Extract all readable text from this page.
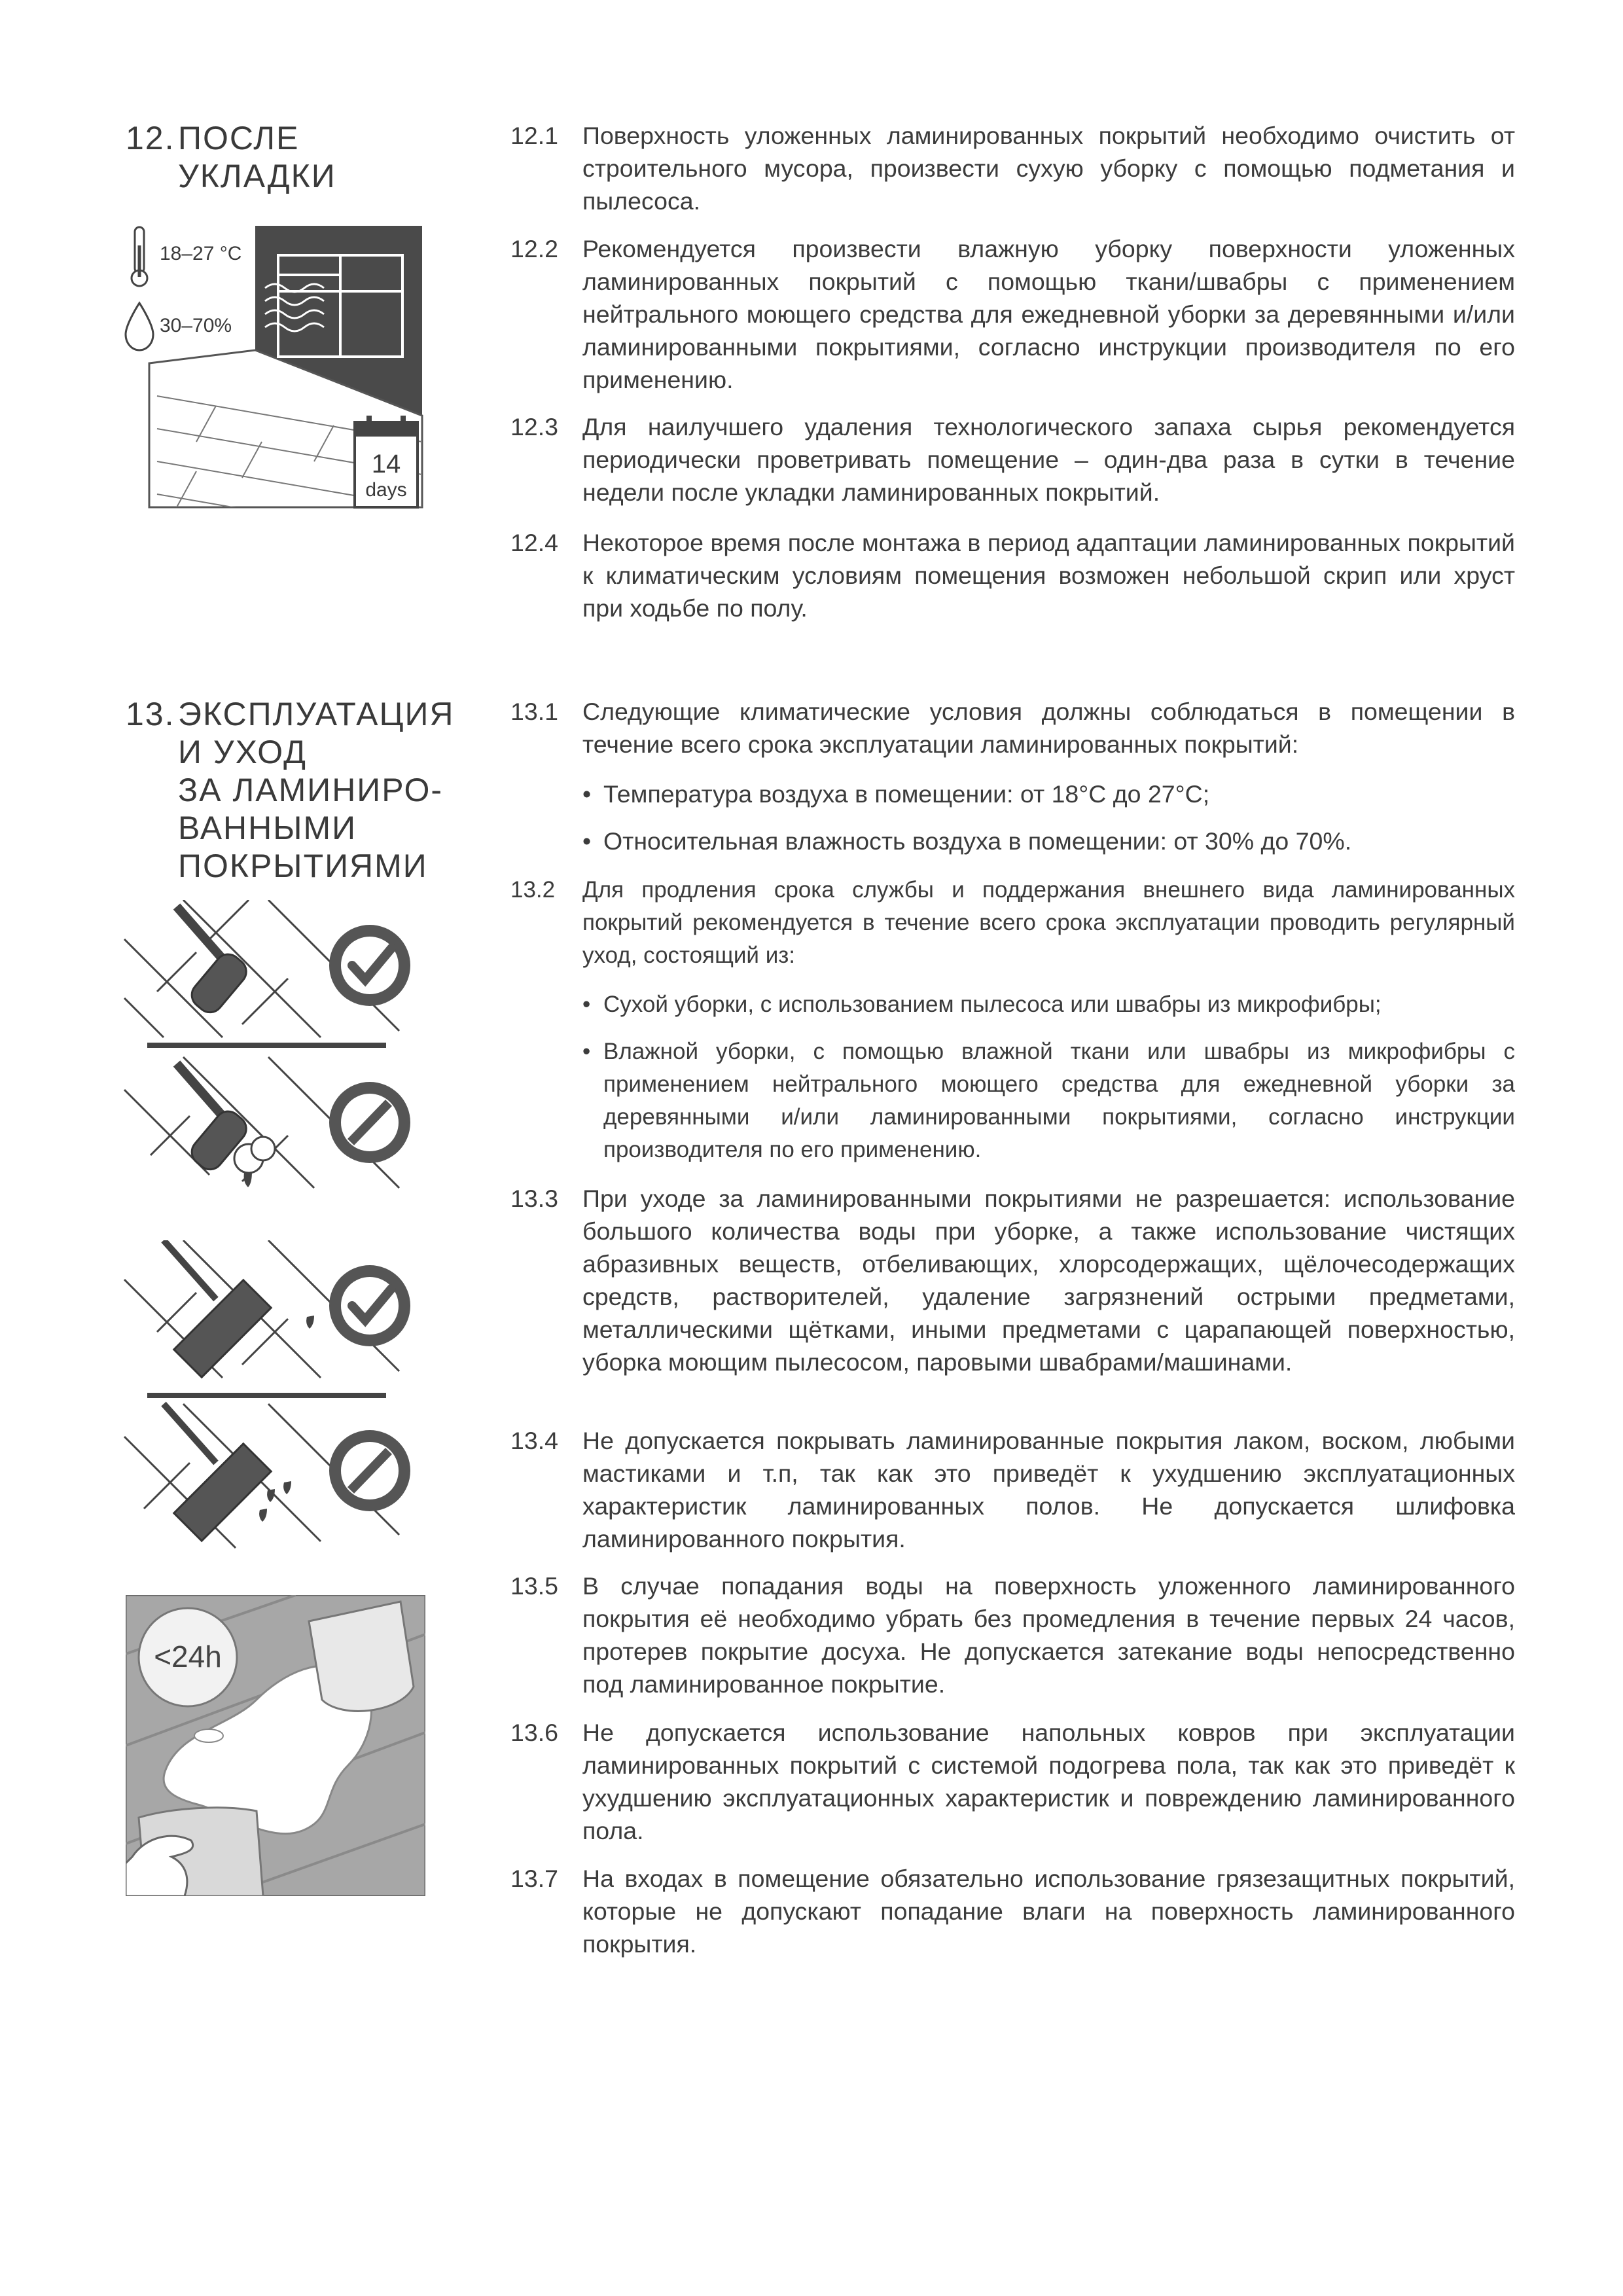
12. ПОСЛЕ
УКЛАДКИ
18–27 °C
30–70%
14
days
12.1 Поверхность уложенных ламинированных покрытий необходимо очистить от строительного мусора, произвести сухую уборку с помощью подметания и пылесоса.
12.2 Рекомендуется произвести влажную уборку поверхности уложенных ламинированных покрытий с помощью ткани/швабры с применением нейтрального моющего средства для ежедневной уборки за деревянными и/или ламинированными покрытиями, согласно инструкции производителя по его применению.
12.3 Для наилучшего удаления технологического запаха сырья рекомендуется периодически проветривать помещение – один-два раза в сутки в течение недели после укладки ламинированных покрытий.
12.4 Некоторое время после монтажа в период адаптации ламинированных покрытий к климатическим условиям помещения возможен небольшой скрип или хруст при ходьбе по полу.
13. ЭКСПЛУАТАЦИЯ
И УХОД
ЗА ЛАМИНИРО-
ВАННЫМИ
ПОКРЫТИЯМИ
<24h
13.1 Следующие климатические условия должны соблюдаться в помещении в течение всего срока эксплуатации ламинированных покрытий:
• Температура воздуха в помещении: от 18°C до 27°C;
• Относительная влажность воздуха в помещении: от 30% до 70%.
13.2 Для продления срока службы и поддержания внешнего вида ламинированных покрытий рекомендуется в течение всего срока эксплуатации проводить регулярный уход, состоящий из:
• Сухой уборки, с использованием пылесоса или швабры из микрофибры;
• Влажной уборки, с помощью влажной ткани или швабры из микрофибры с применением нейтрального моющего средства для ежедневной уборки за деревянными и/или ламинированными покрытиями, согласно инструкции производителя по его применению.
13.3 При уходе за ламинированными покрытиями не разрешается: использование большого количества воды при уборке, а также использование чистящих абразивных веществ, отбеливающих, хлорсодержащих, щёлочесодержащих средств, растворителей, удаление загрязнений острыми предметами, металлическими щётками, иными предметами с царапающей поверхностью, уборка моющим пылесосом, паровыми швабрами/машинами.
13.4 Не допускается покрывать ламинированные покрытия лаком, воском, любыми мастиками и т.п, так как это приведёт к ухудшению эксплуатационных характеристик ламинированных полов. Не допускается шлифовка ламинированного покрытия.
13.5 В случае попадания воды на поверхность уложенного ламинированного покрытия её необходимо убрать без промедления в течение первых 24 часов, протерев покрытие досуха. Не допускается затекание воды непосредственно под ламинированное покрытие.
13.6 Не допускается использование напольных ковров при эксплуатации ламинированных покрытий с системой подогрева пола, так как это приведёт к ухудшению эксплуатационных характеристик и повреждению ламинированного пола.
13.7 На входах в помещение обязательно использование грязезащитных покрытий, которые не допускают попадание влаги на поверхность ламинированного покрытия.
